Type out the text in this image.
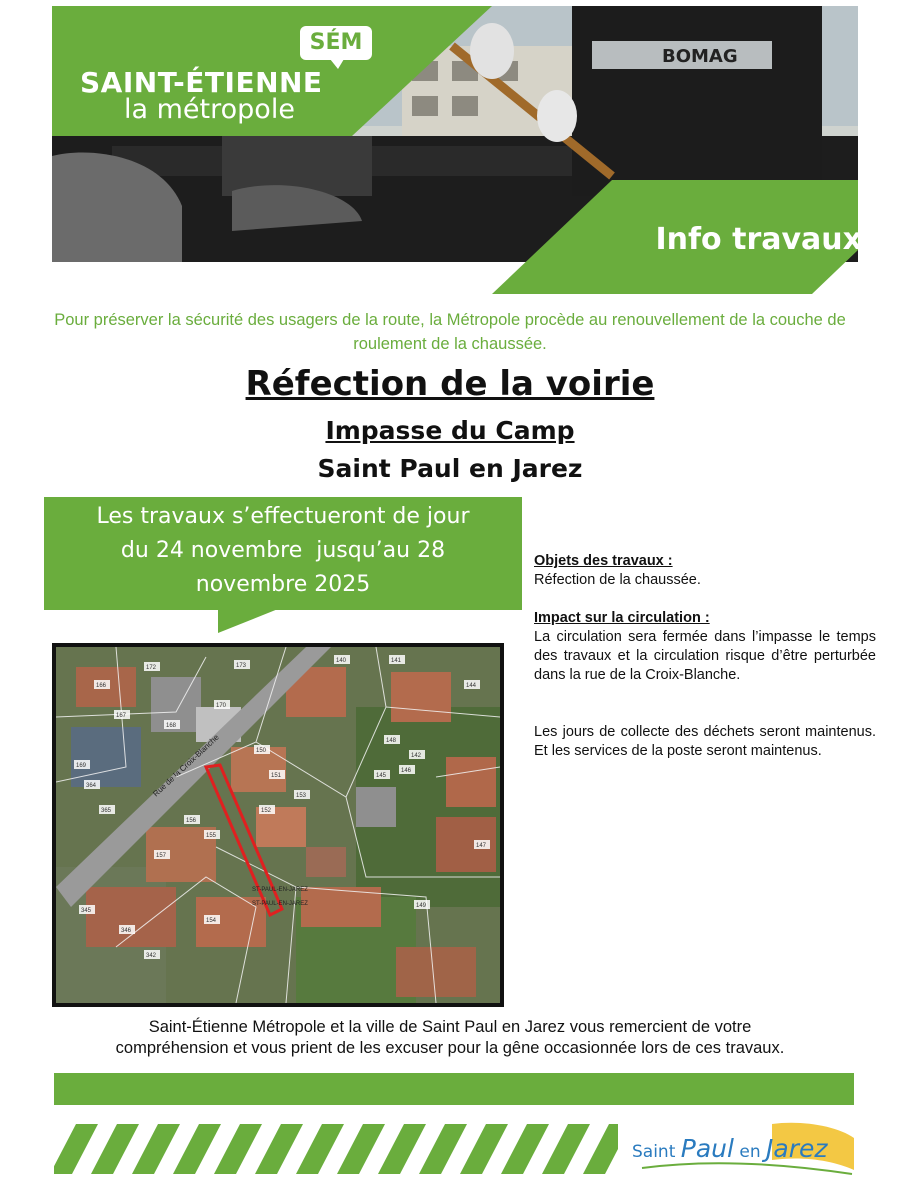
BOMAG
SÉM
SAINT-ÉTIENNE
la métropole
Info travaux
Pour préserver la sécurité des usagers de la route, la Métropole procède au renouvellement de la couche de roulement de la chaussée.
Réfection de la voirie
Impasse du Camp
Saint Paul en Jarez
Les travaux s’effectueront de jour
du 24 novembre  jusqu’au 28
novembre 2025
Objets des travaux :
Réfection de la chaussée.
Impact sur la circulation :
La circulation sera fermée dans l’impasse le temps des travaux et la circulation risque d’être perturbée dans la rue de la Croix-Blanche.
Les jours de collecte des déchets seront maintenus. Et les services de la poste seront maintenus.
Rue de la Croix-Blanche
ST-PAUL-EN-JAREZ
ST-PAUL-EN-JAREZ
172	173
166
167
168
169
170
150
151
152
153
155
156
157
140	141
142
144
145
146
147
148
149
154
345
346
342
364
365
Saint-Étienne Métropole et la ville de Saint Paul en Jarez vous remercient de votre
compréhension et vous prient de les excuser pour la gêne occasionnée lors de ces travaux.
Saint Paul en Jarez
